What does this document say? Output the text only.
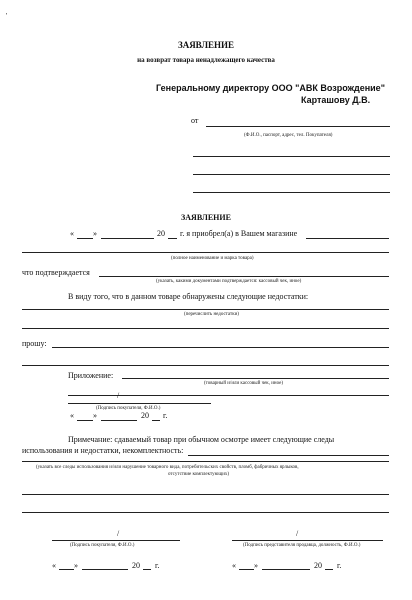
'
ЗАЯВЛЕНИЕ
на возврат товара ненадлежащего качества
Генеральному директору ООО "АВК Возрождение"
Карташову Д.В.
от
(Ф.И.О., паспорт, адрес, тел. Покупателя)
ЗАЯВЛЕНИЕ
« »	20 г. я приобрел(а) в Вашем магазине
(полное наименование и марка товара)
что подтверждается
(указать, какими документами подтверждается: кассовый чек, иное)
В виду того, что в данном товаре обнаружены следующие недостатки:
(перечислить недостатки)
прошу:
Приложение:
(товарный и/или кассовый чек, иное)
/
(Подпись покупателя, Ф.И.О.)
« »	20 г.
Примечание: сдаваемый товар при обычном осмотре имеет следующие следы
использования и недостатки, некомплектность:
(указать все следы использования и/или нарушение товарного вида, потребительских свойств, пломб, фабричных ярлыков,
отсутствие комплектующих)
/
(Подпись покупателя, Ф.И.О.)
/
(Подпись представителя продавца, должность, Ф.И.О.)
« »	20 г.	« »	20 г.
